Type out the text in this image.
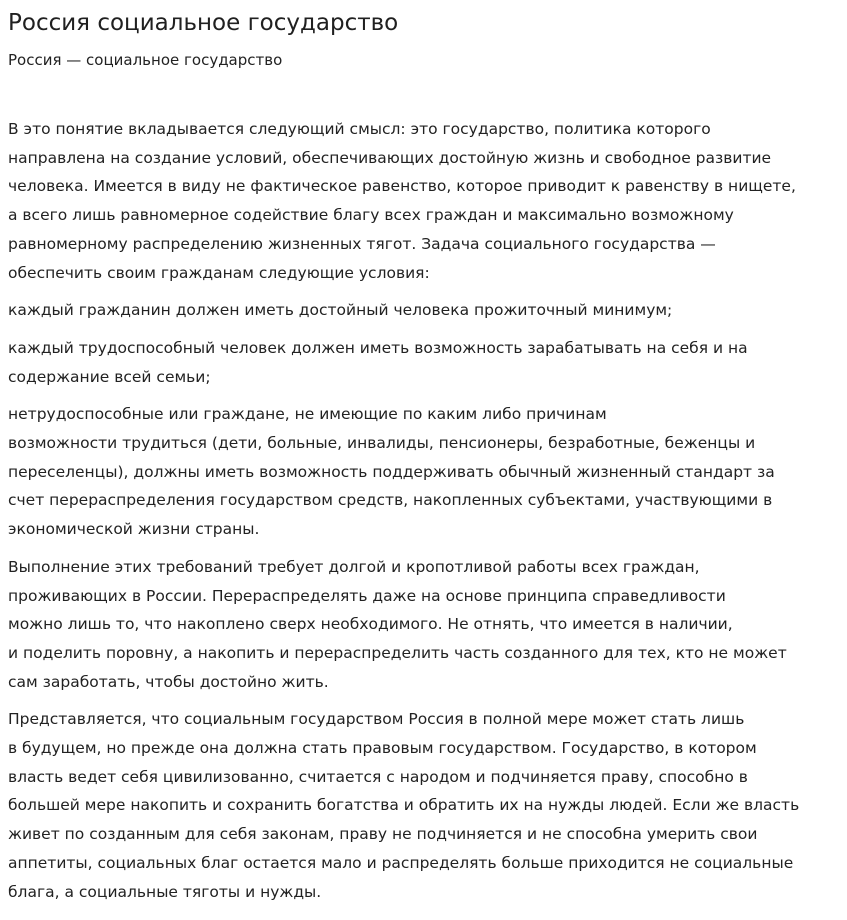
Россия социальное государство

Россия — социальное государство

В это понятие вкладывается следующий смысл: это государство, политика которого
направлена на создание условий, обеспечивающих достойную жизнь и свободное развитие
человека. Имеется в виду не фактическое равенство, которое приводит к равенству в нищете,
а всего лишь равномерное содействие благу всех граждан и максимально возможному
равномерному распределению жизненных тягот. Задача социального государства —
обеспечить своим гражданам следующие условия:

каждый гражданин должен иметь достойный человека прожиточный минимум;

каждый трудоспособный человек должен иметь возможность зарабатывать на себя и на
содержание всей семьи;

нетрудоспособные или граждане, не имеющие по каким либо причинам
возможности трудиться (дети, больные, инвалиды, пенсионеры, безработные, беженцы и
переселенцы), должны иметь возможность поддерживать обычный жизненный стандарт за
счет перераспределения государством средств, накопленных субъектами, участвующими в
экономической жизни страны.

Выполнение этих требований требует долгой и кропотливой работы всех граждан,
проживающих в России. Перераспределять даже на основе принципа справедливости
можно лишь то, что накоплено сверх необходимого. Не отнять, что имеется в наличии,
и поделить поровну, а накопить и перераспределить часть созданного для тех, кто не может
сам заработать, чтобы достойно жить.

Представляется, что социальным государством Россия в полной мере может стать лишь
в будущем, но прежде она должна стать правовым государством. Государство, в котором
власть ведет себя цивилизованно, считается с народом и подчиняется праву, способно в
большей мере накопить и сохранить богатства и обратить их на нужды людей. Если же власть
живет по созданным для себя законам, праву не подчиняется и не способна умерить свои
аппетиты, социальных благ остается мало и распределять больше приходится не социальные
блага, а социальные тяготы и нужды.
